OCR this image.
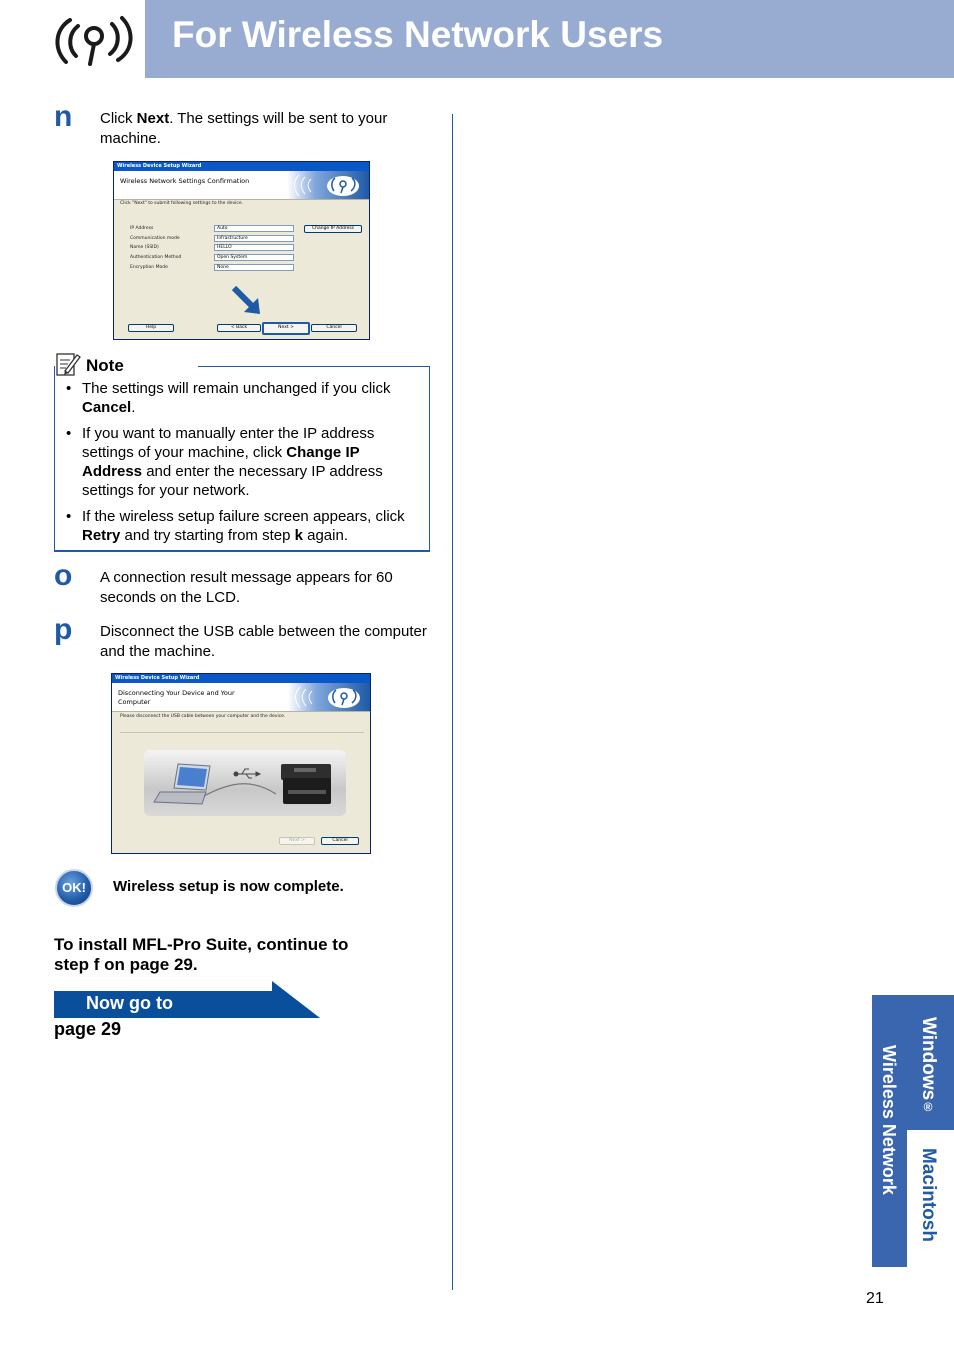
For Wireless Network Users
n Click Next. The settings will be sent to your machine.
Wireless Device Setup Wizard
Wireless Network Settings Confirmation
Click "Next" to submit following settings to the device.
IP Address	Auto
Communication mode	Infrastructure
Name (SSID)	HELLO
Authentication Method	Open System
Encryption Mode	None
Change IP Address
Help	< Back	Next >	Cancel
Note
• The settings will remain unchanged if you click Cancel.
• If you want to manually enter the IP address settings of your machine, click Change IP Address and enter the necessary IP address settings for your network.
• If the wireless setup failure screen appears, click Retry and try starting from step k again.
o A connection result message appears for 60 seconds on the LCD.
p Disconnect the USB cable between the computer and the machine.
Wireless Device Setup Wizard
Disconnecting Your Device and Your
Computer
Please disconnect the USB cable between your computer and the device.
Next >	Cancel
OK!	Wireless setup is now complete.
To install MFL-Pro Suite, continue to
step f on page 29.
Now go to
page 29
Wireless Network Windows®
Macintosh
21
